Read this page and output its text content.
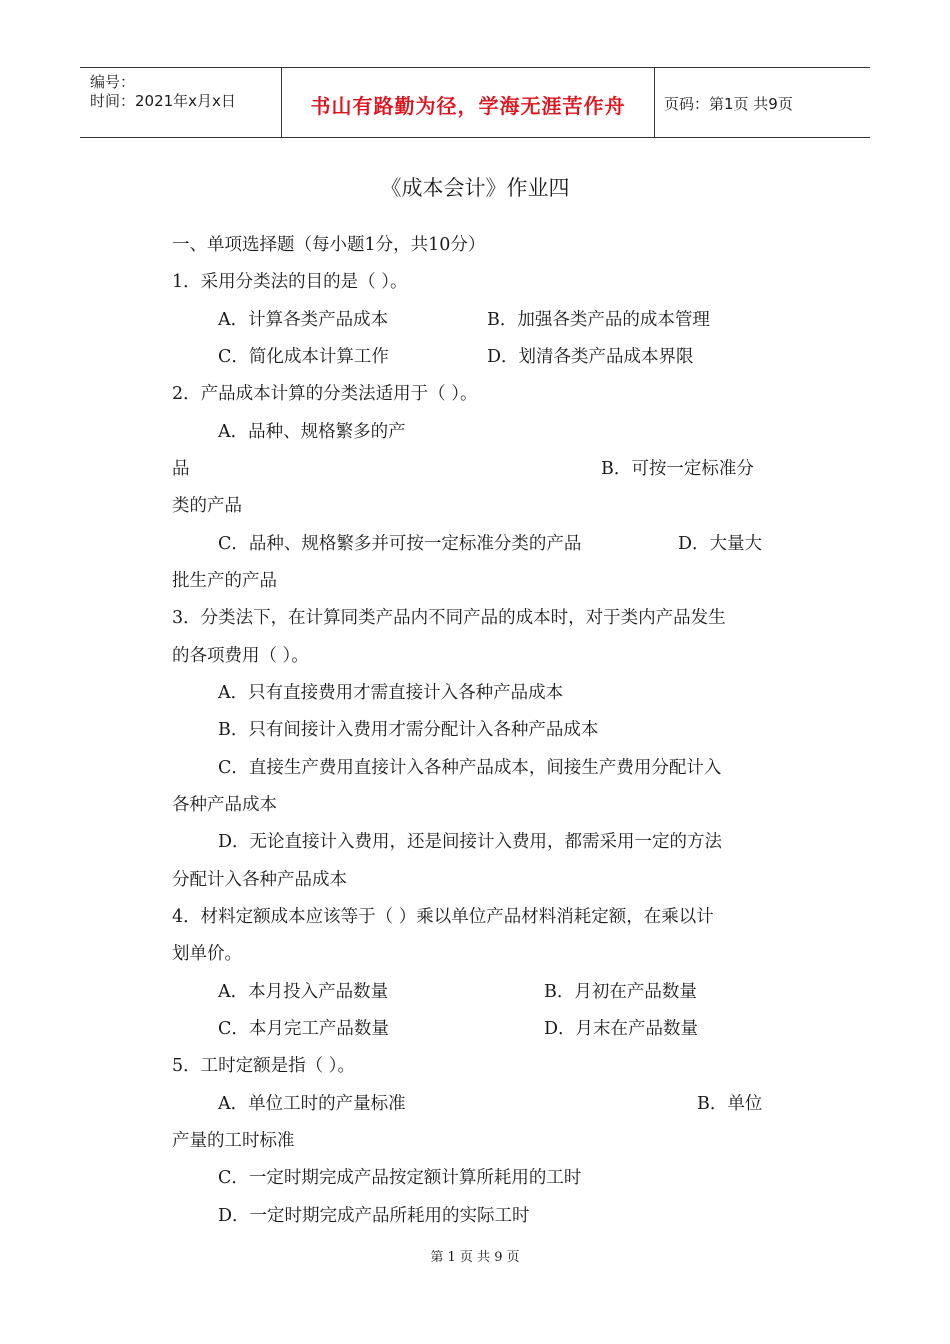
编号：
时间：2021年x月x日	书山有路勤为径，学海无涯苦作舟	页码：第1页 共9页
《成本会计》作业四
一、单项选择题（每小题1分，共10分）
1．采用分类法的目的是（ ）。
A．计算各类产品成本	B．加强各类产品的成本管理
C．简化成本计算工作	D．划清各类产品成本界限
2．产品成本计算的分类法适用于（ ）。
A．品种、规格繁多的产
品	B．可按一定标准分
类的产品
C．品种、规格繁多并可按一定标准分类的产品	D．大量大
批生产的产品
3．分类法下，在计算同类产品内不同产品的成本时，对于类内产品发生
的各项费用（ ）。
A．只有直接费用才需直接计入各种产品成本
B．只有间接计入费用才需分配计入各种产品成本
C．直接生产费用直接计入各种产品成本，间接生产费用分配计入
各种产品成本
D．无论直接计入费用，还是间接计入费用，都需采用一定的方法
分配计入各种产品成本
4．材料定额成本应该等于（ ）乘以单位产品材料消耗定额，在乘以计
划单价。
A．本月投入产品数量	B．月初在产品数量
C．本月完工产品数量	D．月末在产品数量
5．工时定额是指（ ）。
A．单位工时的产量标准	B．单位
产量的工时标准
C．一定时期完成产品按定额计算所耗用的工时
D．一定时期完成产品所耗用的实际工时
第 1 页 共 9 页
